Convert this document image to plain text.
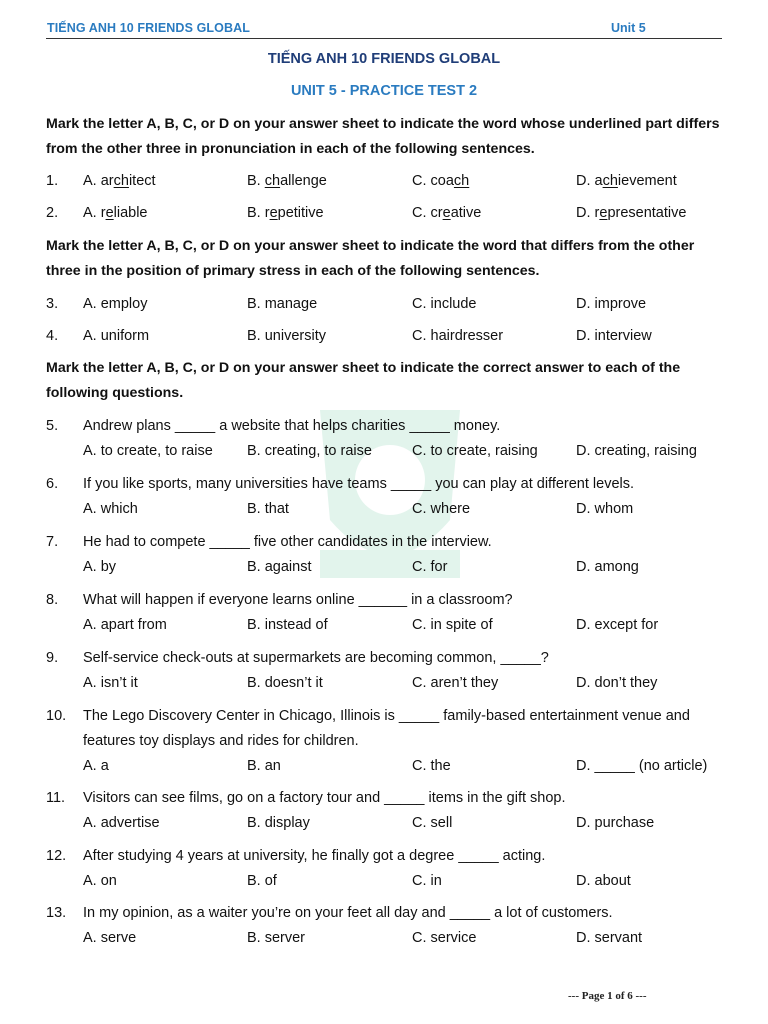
TIẾNG ANH 10 FRIENDS GLOBAL	Unit 5
TIẾNG ANH 10 FRIENDS GLOBAL
UNIT 5 - PRACTICE TEST 2
Mark the letter A, B, C, or D on your answer sheet to indicate the word whose underlined part differs from the other three in pronunciation in each of the following sentences.
1. A. architect	B. challenge	C. coach	D. achievement
2. A. reliable	B. repetitive	C. creative	D. representative
Mark the letter A, B, C, or D on your answer sheet to indicate the word that differs from the other three in the position of primary stress in each of the following sentences.
3. A. employ	B. manage	C. include	D. improve
4. A. uniform	B. university	C. hairdresser	D. interview
Mark the letter A, B, C, or D on your answer sheet to indicate the correct answer to each of the following questions.
5. Andrew plans _____ a website that helps charities _____ money.
A. to create, to raise B. creating, to raise	C. to create, raising	D. creating, raising
6. If you like sports, many universities have teams _____ you can play at different levels.
A. which	B. that	C. where	D. whom
7. He had to compete _____ five other candidates in the interview.
A. by	B. against	C. for	D. among
8. What will happen if everyone learns online ______ in a classroom?
A. apart from	B. instead of	C. in spite of	D. except for
9. Self-service check-outs at supermarkets are becoming common, _____?
A. isn’t it	B. doesn’t it	C. aren’t they	D. don’t they
10. The Lego Discovery Center in Chicago, Illinois is _____ family-based entertainment venue and features toy displays and rides for children.
A. a	B. an	C. the	D. _____ (no article)
11. Visitors can see films, go on a factory tour and _____ items in the gift shop.
A. advertise	B. display	C. sell	D. purchase
12. After studying 4 years at university, he finally got a degree _____ acting.
A. on	B. of	C. in	D. about
13. In my opinion, as a waiter you’re on your feet all day and _____ a lot of customers.
A. serve	B. server	C. service	D. servant
--- Page 1 of 6 ---
